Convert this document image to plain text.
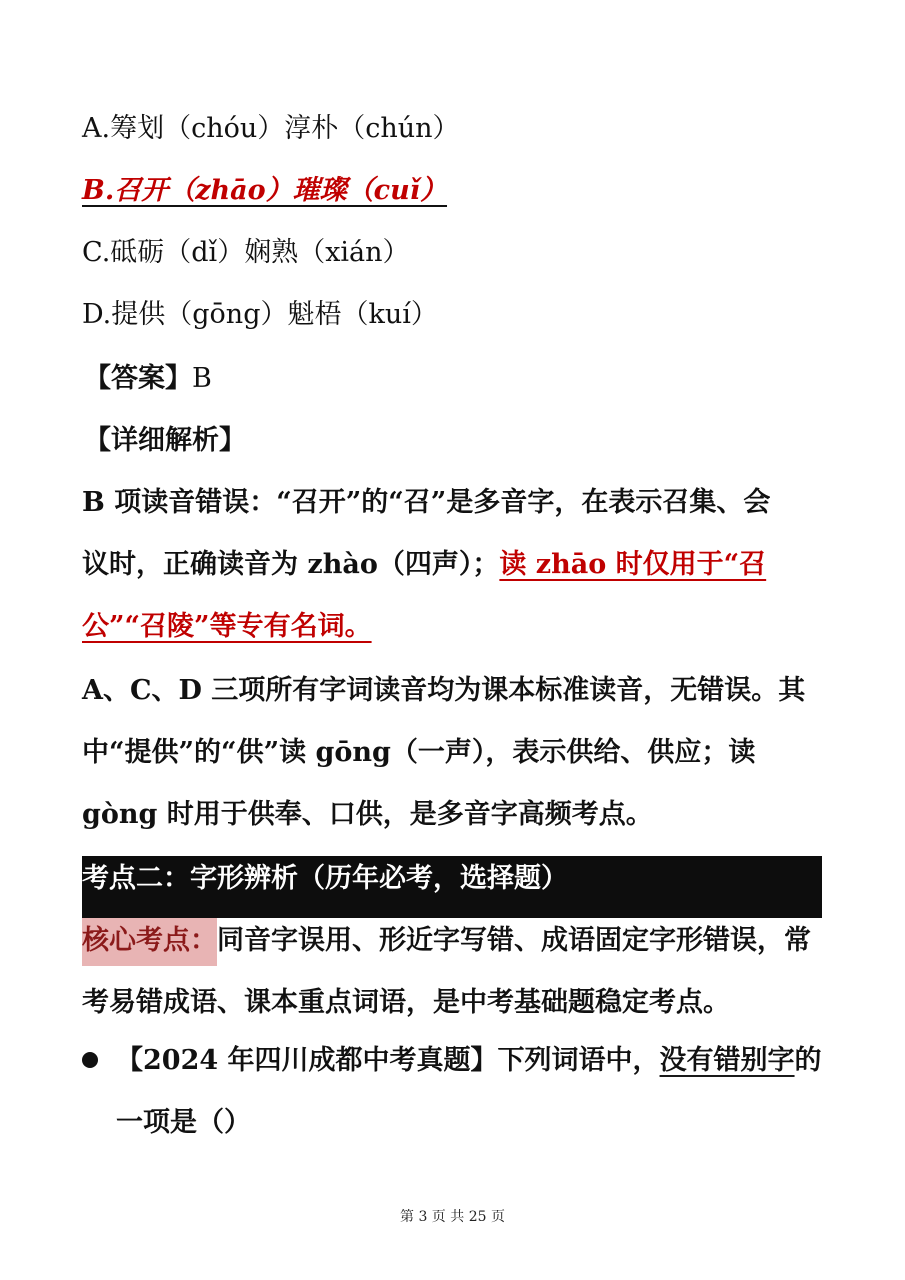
A.筹划（chóu）淳朴（chún）
B.召开（zhāo）璀璨（cuǐ）
C.砥砺（dǐ）娴熟（xián）
D.提供（gōng）魁梧（kuí）
【答案】B
【详细解析】
B 项读音错误：“召开”的“召”是多音字，在表示召集、会
议时，正确读音为 zhào（四声）；读 zhāo 时仅用于“召
公”“召陵”等专有名词。
A、C、D 三项所有字词读音均为课本标准读音，无错误。其
中“提供”的“供”读 gōng（一声），表示供给、供应；读
gòng 时用于供奉、口供，是多音字高频考点。
考点二：字形辨析（历年必考，选择题）
核心考点：同音字误用、形近字写错、成语固定字形错误，常
考易错成语、课本重点词语，是中考基础题稳定考点。
【2024 年四川成都中考真题】下列词语中，没有错别字的
一项是（）
第 3 页 共 25 页
